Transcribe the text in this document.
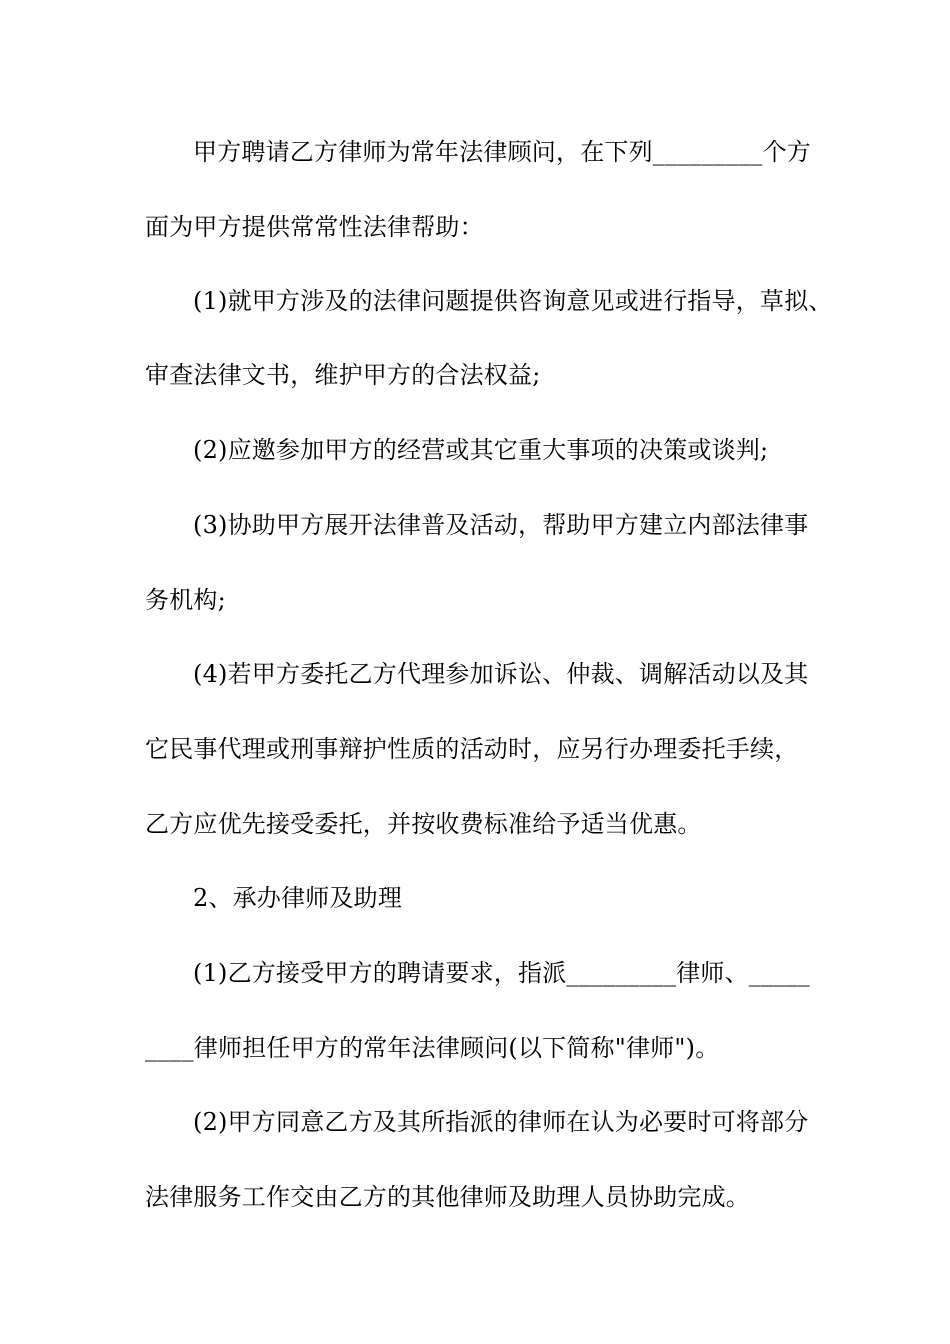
甲方聘请乙方律师为常年法律顾问，在下列_________个方
面为甲方提供常常性法律帮助：
(1)就甲方涉及的法律问题提供咨询意见或进行指导，草拟、
审查法律文书，维护甲方的合法权益;
(2)应邀参加甲方的经营或其它重大事项的决策或谈判;
(3)协助甲方展开法律普及活动，帮助甲方建立内部法律事
务机构;
(4)若甲方委托乙方代理参加诉讼、仲裁、调解活动以及其
它民事代理或刑事辩护性质的活动时，应另行办理委托手续，
乙方应优先接受委托，并按收费标准给予适当优惠。
2、承办律师及助理
(1)乙方接受甲方的聘请要求，指派_________律师、_____
____律师担任甲方的常年法律顾问(以下简称"律师")。
(2)甲方同意乙方及其所指派的律师在认为必要时可将部分
法律服务工作交由乙方的其他律师及助理人员协助完成。
